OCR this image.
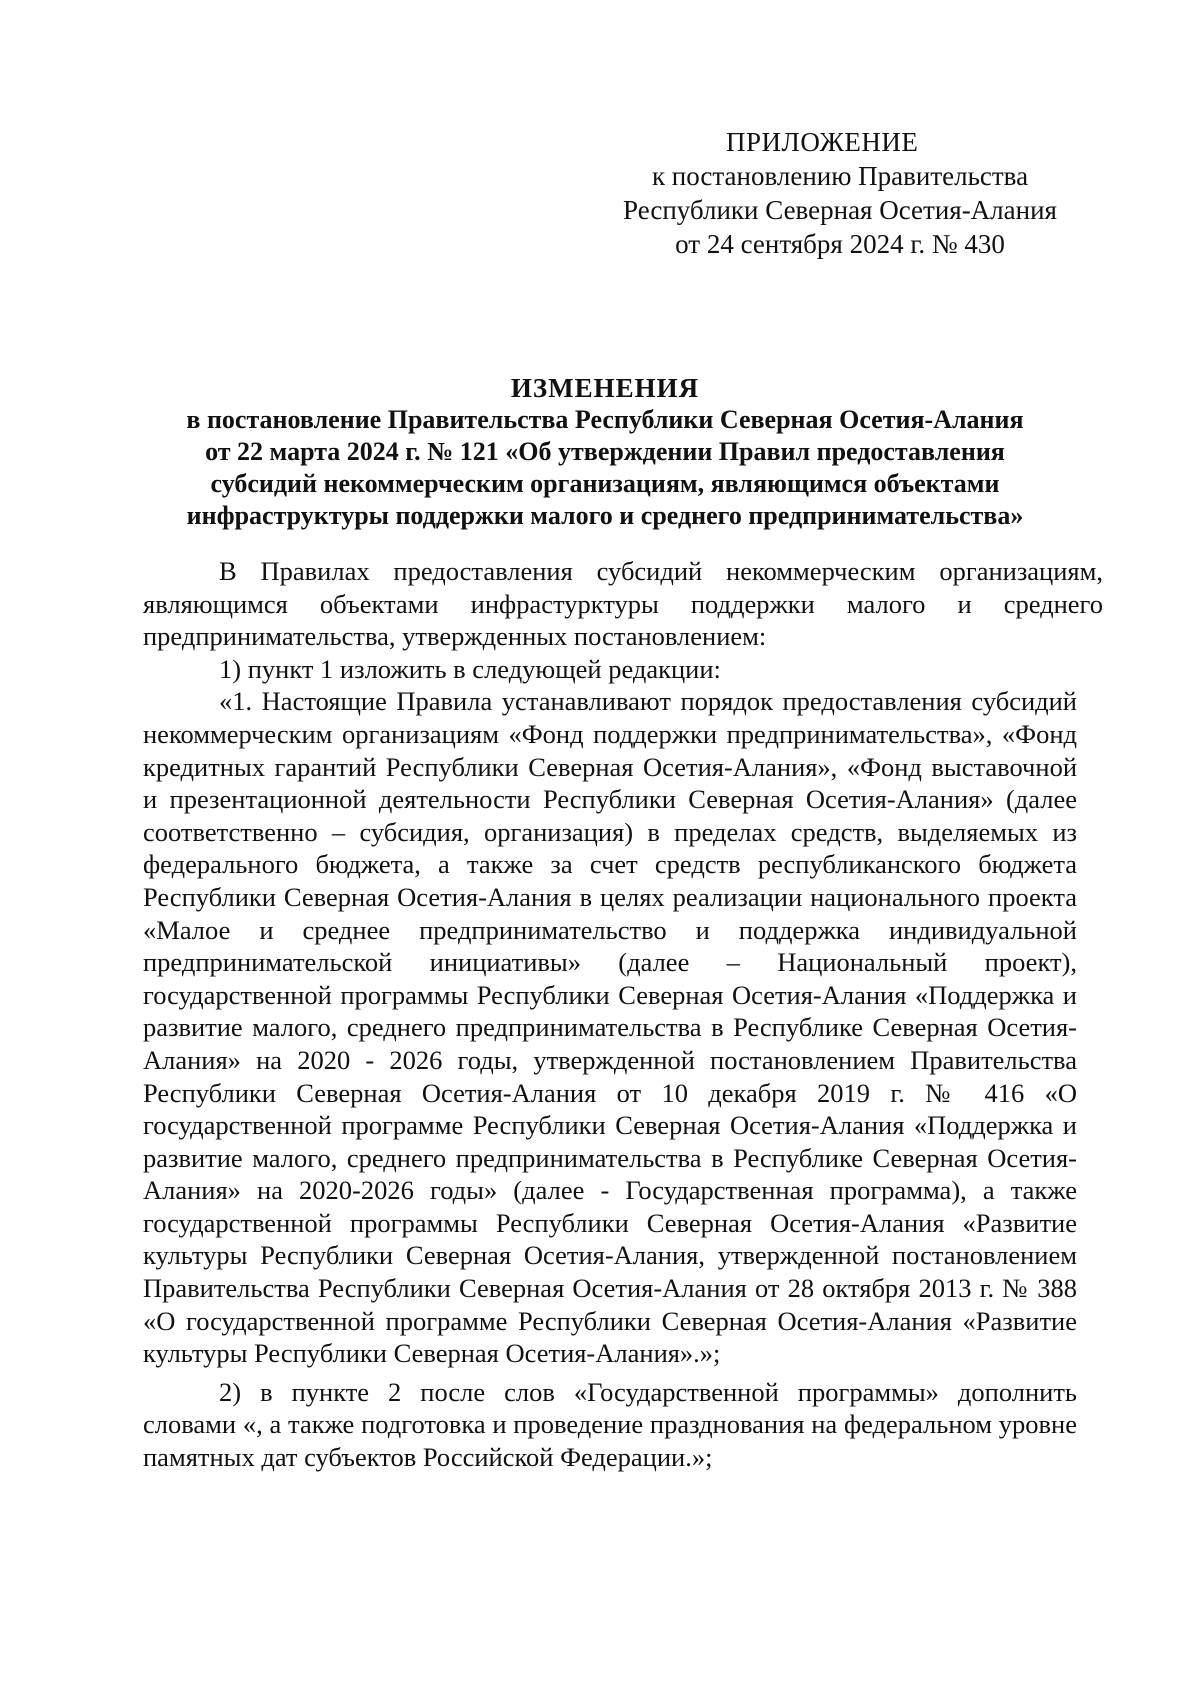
ПРИЛОЖЕНИЕ
к постановлению Правительства
Республики Северная Осетия-Алания
от 24 сентября 2024 г. № 430
ИЗМЕНЕНИЯ
в постановление Правительства Республики Северная Осетия-Алания
от 22 марта 2024 г. № 121 «Об утверждении Правил предоставления
субсидий некоммерческим организациям, являющимся объектами
инфраструктуры поддержки малого и среднего предпринимательства»

В Правилах предоставления субсидий некоммерческим организациям, являющимся объектами инфрастурктуры поддержки малого и среднего предпринимательства, утвержденных постановлением:

1) пункт 1 изложить в следующей редакции:

«1. Настоящие Правила устанавливают порядок предоставления субсидий некоммерческим организациям «Фонд поддержки предпринимательства», «Фонд кредитных гарантий Республики Северная Осетия-Алания», «Фонд выставочной и презентационной деятельности Республики Северная Осетия-Алания» (далее соответственно – субсидия, организация) в пределах средств, выделяемых из федерального бюджета, а также за счет средств республиканского бюджета Республики Северная Осетия-Алания в целях реализации национального проекта «Малое и среднее предпринимательство и поддержка индивидуальной предпринимательской инициативы» (далее – Национальный проект), государственной программы Республики Северная Осетия-Алания «Поддержка и развитие малого, среднего предпринимательства в Республике Северная Осетия-Алания» на 2020 - 2026 годы, утвержденной постановлением Правительства Республики Северная Осетия-Алания от 10 декабря 2019 г. № 416 «О государственной программе Республики Северная Осетия-Алания «Поддержка и развитие малого, среднего предпринимательства в Республике Северная Осетия-Алания» на 2020-2026 годы» (далее - Государственная программа), а также государственной программы Республики Северная Осетия-Алания «Развитие культуры Республики Северная Осетия-Алания, утвержденной постановлением Правительства Республики Северная Осетия-Алания от 28 октября 2013 г. № 388 «О государственной программе Республики Северная Осетия-Алания «Развитие культуры Республики Северная Осетия-Алания».»;

2) в пункте 2 после слов «Государственной программы» дополнить словами «, а также подготовка и проведение празднования на федеральном уровне памятных дат субъектов Российской Федерации.»;
